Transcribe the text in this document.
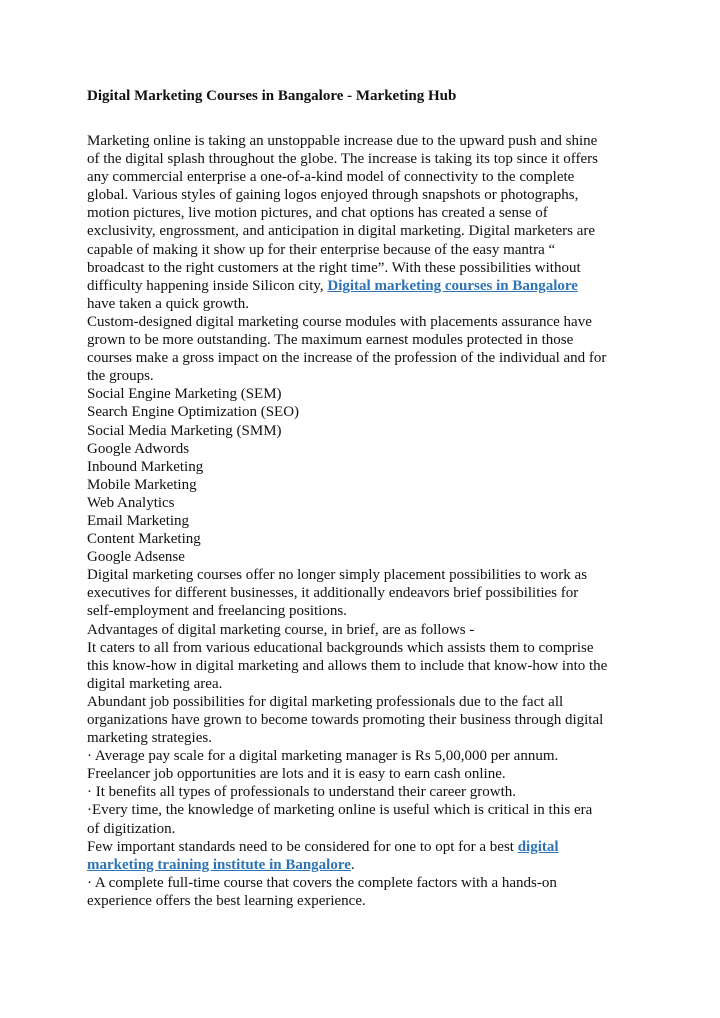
Digital Marketing Courses in Bangalore - Marketing Hub
Marketing online is taking an unstoppable increase due to the upward push and shine
of the digital splash throughout the globe. The increase is taking its top since it offers
any commercial enterprise a one-of-a-kind model of connectivity to the complete
global. Various styles of gaining logos enjoyed through snapshots or photographs,
motion pictures, live motion pictures, and chat options has created a sense of
exclusivity, engrossment, and anticipation in digital marketing. Digital marketers are
capable of making it show up for their enterprise because of the easy mantra “
broadcast to the right customers at the right time”. With these possibilities without
difficulty happening inside Silicon city, Digital marketing courses in Bangalore
have taken a quick growth.
Custom-designed digital marketing course modules with placements assurance have
grown to be more outstanding. The maximum earnest modules protected in those
courses make a gross impact on the increase of the profession of the individual and for
the groups.
Social Engine Marketing (SEM)
Search Engine Optimization (SEO)
Social Media Marketing (SMM)
Google Adwords
Inbound Marketing
Mobile Marketing
Web Analytics
Email Marketing
Content Marketing
Google Adsense
Digital marketing courses offer no longer simply placement possibilities to work as
executives for different businesses, it additionally endeavors brief possibilities for
self-employment and freelancing positions.
Advantages of digital marketing course, in brief, are as follows -
It caters to all from various educational backgrounds which assists them to comprise
this know-how in digital marketing and allows them to include that know-how into the
digital marketing area.
Abundant job possibilities for digital marketing professionals due to the fact all
organizations have grown to become towards promoting their business through digital
marketing strategies.
· Average pay scale for a digital marketing manager is Rs 5,00,000 per annum.
Freelancer job opportunities are lots and it is easy to earn cash online.
· It benefits all types of professionals to understand their career growth.
·Every time, the knowledge of marketing online is useful which is critical in this era
of digitization.
Few important standards need to be considered for one to opt for a best digital
marketing training institute in Bangalore.
· A complete full-time course that covers the complete factors with a hands-on
experience offers the best learning experience.
